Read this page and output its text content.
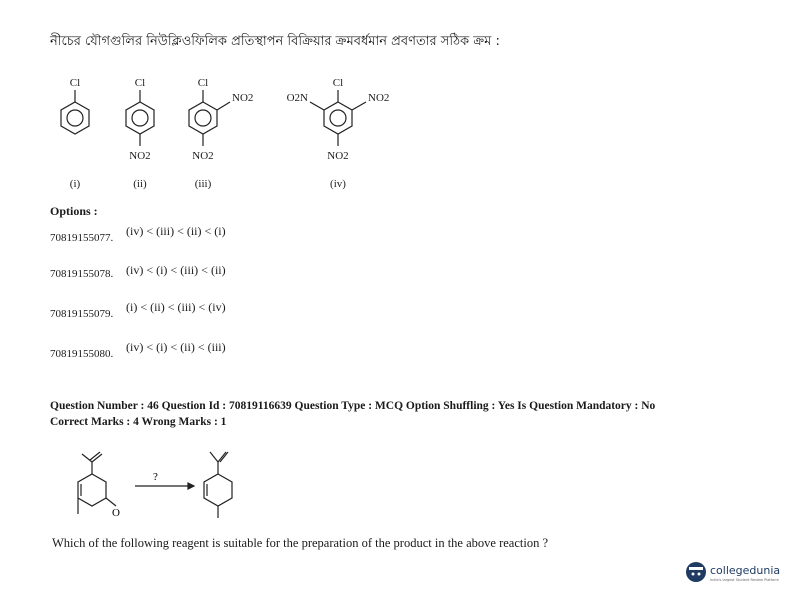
নীচের যৌগগুলির নিউক্লিওফিলিক প্রতিস্থাপন বিক্রিয়ার ক্রমবর্ধমান প্রবণতার সঠিক ক্রম :
Cl	Cl
NO2
Cl
NO2
NO2
Cl
O2N	NO2
NO2
(i)	(ii)	(iii)	(iv)
Options :
70819155077. (iv) < (iii) < (ii) < (i)
70819155078. (iv) < (i) < (iii) < (ii)
70819155079. (i) < (ii) < (iii) < (iv)
70819155080. (iv) < (i) < (ii) < (iii)
Question Number : 46 Question Id : 70819116639 Question Type : MCQ Option Shuffling : Yes Is Question Mandatory : No
Correct Marks : 4 Wrong Marks : 1
?
O
Which of the following reagent is suitable for the preparation of the product in the above reaction ?
collegedunia
India's largest Student Review Platform
